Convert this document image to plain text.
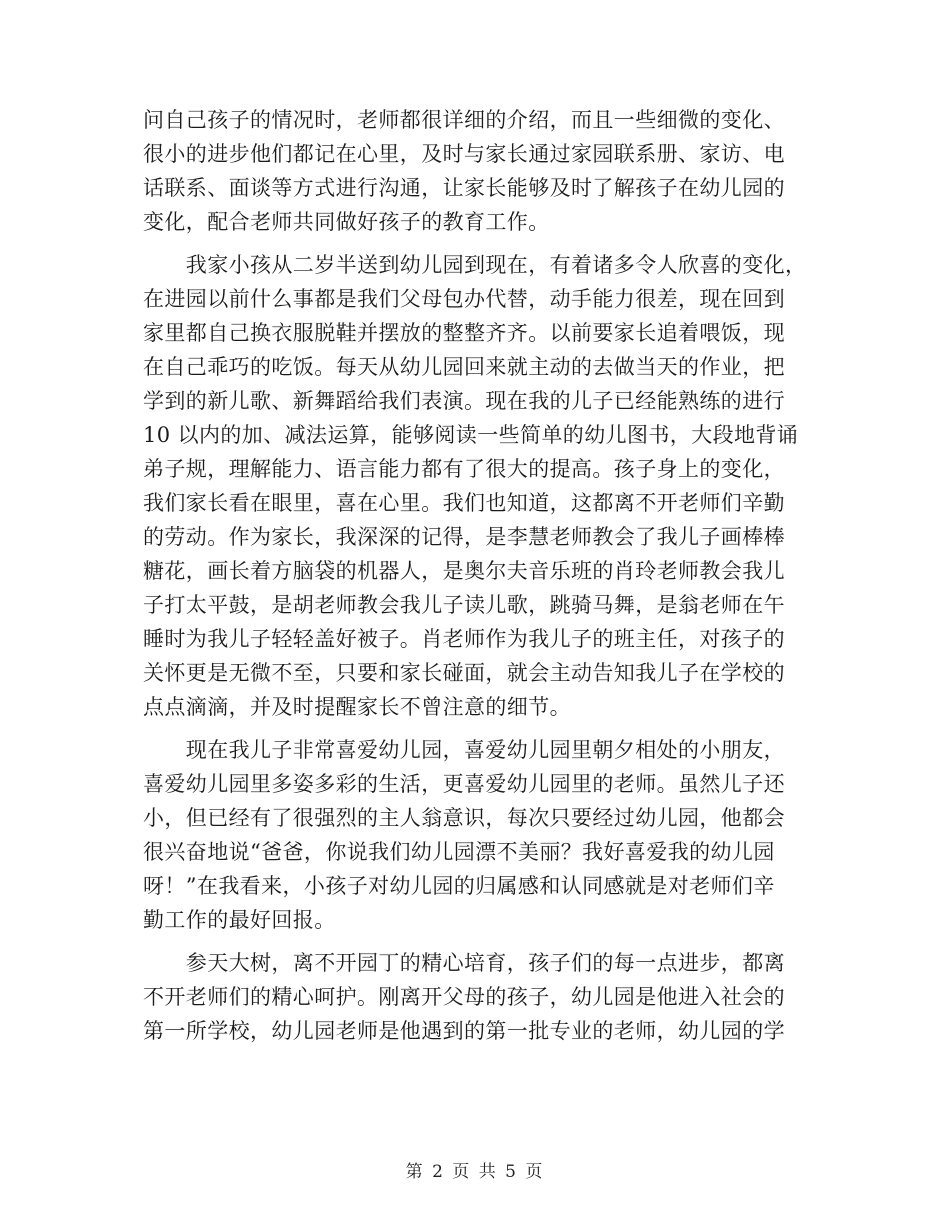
问自己孩子的情况时，老师都很详细的介绍，而且一些细微的变化、
很小的进步他们都记在心里，及时与家长通过家园联系册、家访、电
话联系、面谈等方式进行沟通，让家长能够及时了解孩子在幼儿园的
变化，配合老师共同做好孩子的教育工作。
　　我家小孩从二岁半送到幼儿园到现在，有着诸多令人欣喜的变化，
在进园以前什么事都是我们父母包办代替，动手能力很差，现在回到
家里都自己换衣服脱鞋并摆放的整整齐齐。以前要家长追着喂饭，现
在自己乖巧的吃饭。每天从幼儿园回来就主动的去做当天的作业，把
学到的新儿歌、新舞蹈给我们表演。现在我的儿子已经能熟练的进行
10 以内的加、减法运算，能够阅读一些简单的幼儿图书，大段地背诵
弟子规，理解能力、语言能力都有了很大的提高。孩子身上的变化，
我们家长看在眼里，喜在心里。我们也知道，这都离不开老师们辛勤
的劳动。作为家长，我深深的记得，是李慧老师教会了我儿子画棒棒
糖花，画长着方脑袋的机器人，是奥尔夫音乐班的肖玲老师教会我儿
子打太平鼓，是胡老师教会我儿子读儿歌，跳骑马舞，是翁老师在午
睡时为我儿子轻轻盖好被子。肖老师作为我儿子的班主任，对孩子的
关怀更是无微不至，只要和家长碰面，就会主动告知我儿子在学校的
点点滴滴，并及时提醒家长不曾注意的细节。
　　现在我儿子非常喜爱幼儿园，喜爱幼儿园里朝夕相处的小朋友，
喜爱幼儿园里多姿多彩的生活，更喜爱幼儿园里的老师。虽然儿子还
小，但已经有了很强烈的主人翁意识，每次只要经过幼儿园，他都会
很兴奋地说“爸爸，你说我们幼儿园漂不美丽？我好喜爱我的幼儿园
呀！”在我看来，小孩子对幼儿园的归属感和认同感就是对老师们辛
勤工作的最好回报。
　　参天大树，离不开园丁的精心培育，孩子们的每一点进步，都离
不开老师们的精心呵护。刚离开父母的孩子，幼儿园是他进入社会的
第一所学校，幼儿园老师是他遇到的第一批专业的老师，幼儿园的学
第 2 页 共 5 页
